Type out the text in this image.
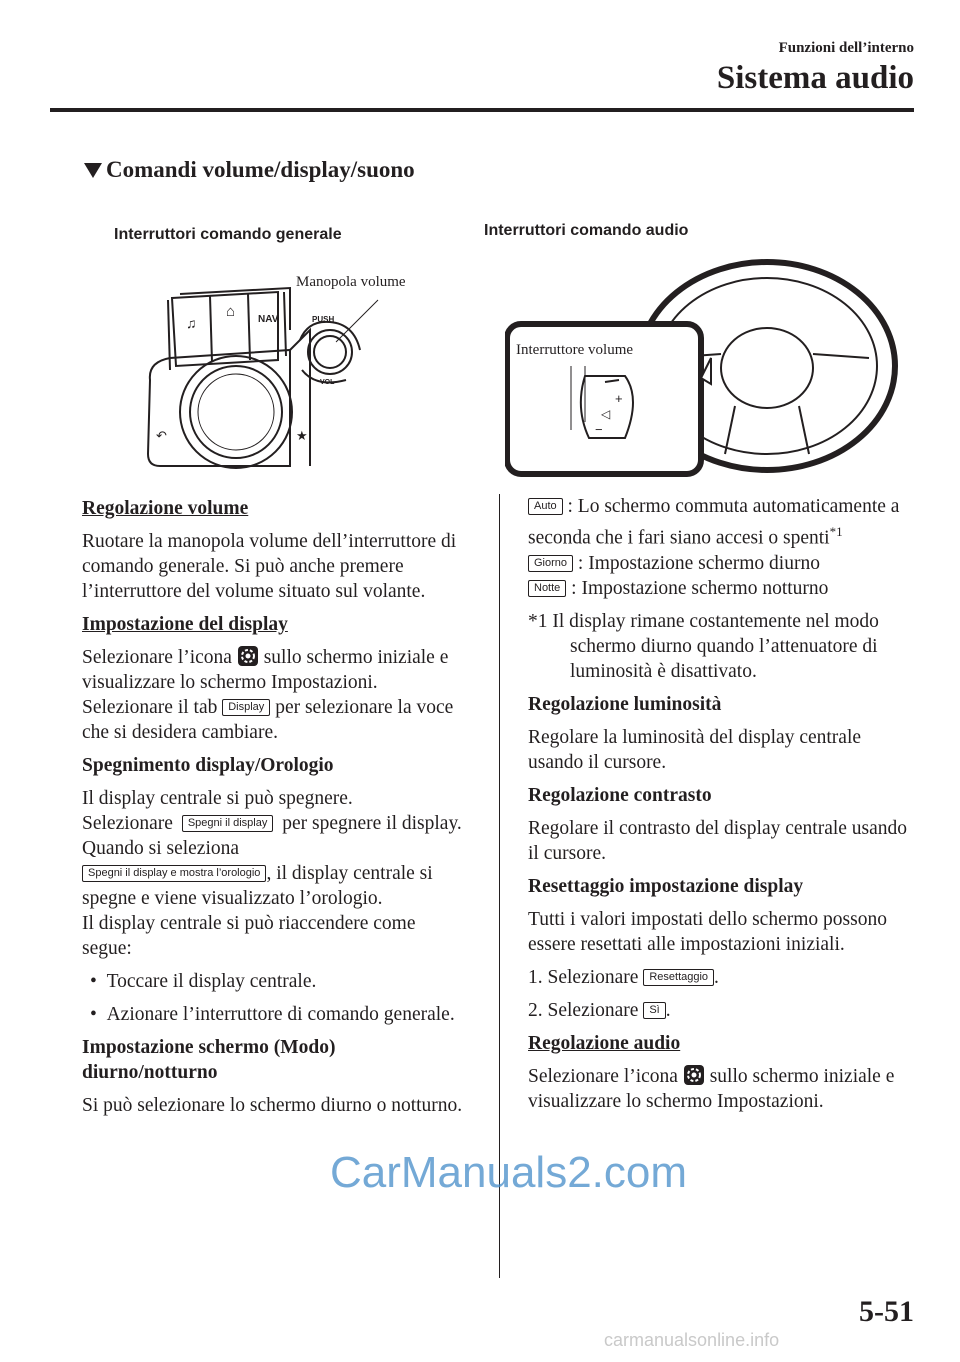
Funzioni dell’interno
Sistema audio
Comandi volume/display/suono
Interruttori comando generale	Interruttori comando audio
♫
⌂ NAV	PUSH
VOL
↶	★
Manopola volume
+
◁
−
Interruttore volume
Regolazione volume

Ruotare la manopola volume dell’interruttore di comando generale. Si può anche premere l’interruttore del volume situato sul volante.

Impostazione del display

Selezionare l’icona sullo schermo iniziale e visualizzare lo schermo Impostazioni.

Selezionare il tab Display per selezionare la voce che si desidera cambiare.

Spegnimento display/Orologio

Il display centrale si può spegnere.

Selezionare Spegni il display per spegnere il display.

Quando si seleziona
Spegni il display e mostra l’orologio , il display centrale si spegne e viene visualizzato l’orologio.

Il display centrale si può riaccendere come segue:

•  Toccare il display centrale.

•  Azionare l’interruttore di comando generale.

Impostazione schermo (Modo) diurno/notturno

Si può selezionare lo schermo diurno o notturno.

Auto : Lo schermo commuta automaticamente a seconda che i fari siano accesi o spenti$^{*1}$

Giorno : Impostazione schermo diurno

Notte : Impostazione schermo notturno

*1 Il display rimane costantemente nel modo schermo diurno quando l’attenuatore di luminosità è disattivato.

Regolazione luminosità

Regolare la luminosità del display centrale usando il cursore.

Regolazione contrasto

Regolare il contrasto del display centrale usando il cursore.

Resettaggio impostazione display

Tutti i valori impostati dello schermo possono essere resettati alle impostazioni iniziali.

1. Selezionare Resettaggio .

2. Selezionare Sì .

Regolazione audio

Selezionare l’icona sullo schermo iniziale e visualizzare lo schermo Impostazioni.

5-51
CarManuals2.com
carmanualsonline.info
